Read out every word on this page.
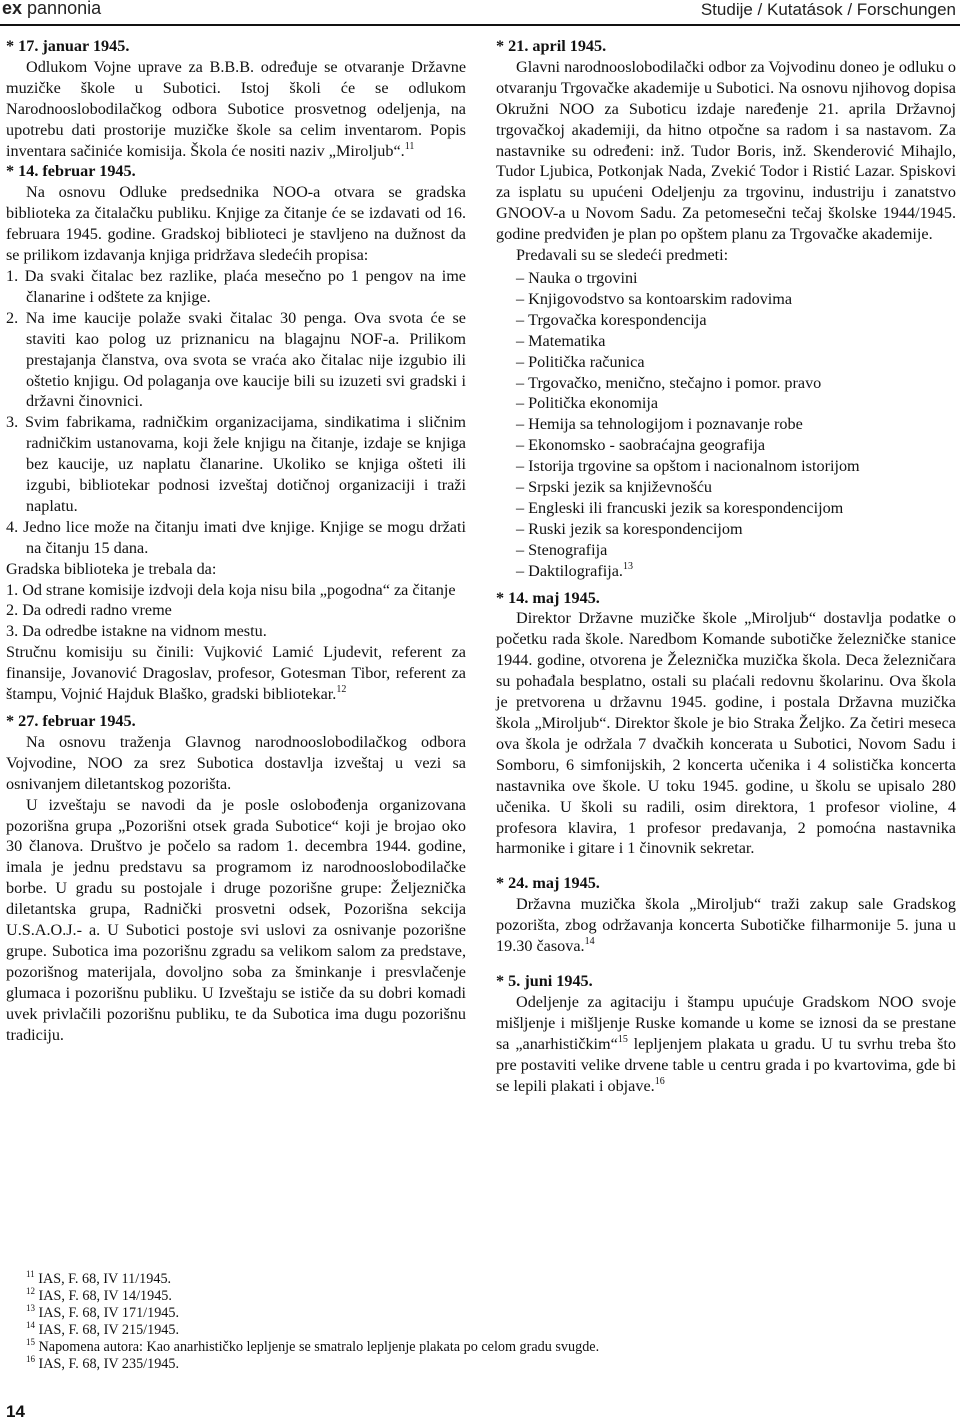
ex pannonia	Studije / Kutatások / Forschungen

* 17. januar 1945.

Odlukom Vojne uprave za B.B.B. određuje se otvaranje Državne muzičke škole u Subotici. Istoj školi će se odlukom Narodnooslobodilačkog odbora Subotice prosvetnog odeljenja, na upotrebu dati prostorije muzičke škole sa celim inventarom. Popis inventara sačiniće komisija. Škola će nositi naziv „Miroljub“.$^{11}$

* 14. februar 1945.

Na osnovu Odluke predsednika NOO-a otvara se gradska biblioteka za čitalačku publiku. Knjige za čitanje će se izdavati od 16. februara 1945. godine. Gradskoj biblioteci je stavljeno na dužnost da se prilikom izdavanja knjiga pridržava sledećih propisa:

1. Da svaki čitalac bez razlike, plaća mesečno po 1 pengov na ime članarine i odštete za knjige.

2. Na ime kaucije polaže svaki čitalac 30 penga. Ova svota će se staviti kao polog uz priznanicu na blagajnu NOF-a. Prilikom prestajanja članstva, ova svota se vraća ako čitalac nije izgubio ili oštetio knjigu. Od polaganja ove kaucije bili su izuzeti svi gradski i državni činovnici.

3. Svim fabrikama, radničkim organizacijama, sindikatima i sličnim radničkim ustanovama, koji žele knjigu na čitanje, izdaje se knjiga bez kaucije, uz naplatu članarine. Ukoliko se knjiga ošteti ili izgubi, bibliotekar podnosi izveštaj dotičnoj organizaciji i traži naplatu.

4. Jedno lice može na čitanju imati dve knjige. Knjige se mogu držati na čitanju 15 dana.

Gradska biblioteka je trebala da:

1. Od strane komisije izdvoji dela koja nisu bila „pogodna“ za čitanje

2. Da odredi radno vreme

3. Da odredbe istakne na vidnom mestu.

Stručnu komisiju su činili: Vujković Lamić Ljudevit, referent za finansije, Jovanović Dragoslav, profesor, Gotesman Tibor, referent za štampu, Vojnić Hajduk Blaško, gradski bibliotekar.$^{12}$

* 27. februar 1945.

Na osnovu traženja Glavnog narodnooslobodilačkog odbora Vojvodine, NOO za srez Subotica dostavlja izveštaj u vezi sa osnivanjem diletantskog pozorišta.

U izveštaju se navodi da je posle oslobođenja organizovana pozorišna grupa „Pozorišni otsek grada Subotice“ koji je brojao oko 30 članova. Društvo je počelo sa radom 1. decembra 1944. godine, imala je jednu predstavu sa programom iz narodnooslobodilačke borbe. U gradu su postojale i druge pozorišne grupe: Željeznička diletantska grupa, Radnički prosvetni odsek, Pozorišna sekcija U.S.A.O.J.- a. U Subotici postoje svi uslovi za osnivanje pozorišne grupe. Subotica ima pozorišnu zgradu sa velikom salom za predstave, pozorišnog materijala, dovoljno soba za šminkanje i presvlačenje glumaca i pozorišnu publiku. U Izveštaju se ističe da su dobri komadi uvek privlačili pozorišnu publiku, te da Subotica ima dugu pozorišnu tradiciju.

* 21. april 1945.

Glavni narodnooslobodilački odbor za Vojvodinu doneo je odluku o otvaranju Trgovačke akademije u Subotici. Na osnovu njihovog dopisa Okružni NOO za Suboticu izdaje naređenje 21. aprila Državnoj trgovačkoj akademiji, da hitno otpočne sa radom i sa nastavom. Za nastavnike su određeni: inž. Tudor Boris, inž. Skenderović Mihajlo, Tudor Ljubica, Potkonjak Nada, Zvekić Todor i Ristić Lazar. Spiskovi za isplatu su upućeni Odeljenju za trgovinu, industriju i zanatstvo GNOOV-a u Novom Sadu. Za petomesečni tečaj školske 1944/1945. godine predviđen je plan po opštem planu za Trgovačke akademije.

Predavali su se sledeći predmeti:

– Nauka o trgovini
– Knjigovodstvo sa kontoarskim radovima
– Trgovačka korespondencija
– Matematika
– Politička računica
– Trgovačko, menično, stečajno i pomor. pravo
– Politička ekonomija
– Hemija sa tehnologijom i poznavanje robe
– Ekonomsko - saobraćajna geografija
– Istorija trgovine sa opštom i nacionalnom istorijom
– Srpski jezik sa književnošću
– Engleski ili francuski jezik sa korespondencijom
– Ruski jezik sa korespondencijom
– Stenografija
– Daktilografija.$^{13}$

* 14. maj 1945.

Direktor Državne muzičke škole „Miroljub“ dostavlja podatke o početku rada škole. Naredbom Komande subotičke železničke stanice 1944. godine, otvorena je Železnička muzička škola. Deca železničara su pohađala besplatno, ostali su plaćali redovnu školarinu. Ova škola je pretvorena u državnu 1945. godine, i postala Državna muzička škola „Miroljub“. Direktor škole je bio Straka Željko. Za četiri meseca ova škola je održala 7 dvačkih koncerata u Subotici, Novom Sadu i Somboru, 6 simfonijskih, 2 koncerta učenika i 4 solistička koncerta nastavnika ove škole. U toku 1945. godine, u školu se upisalo 280 učenika. U školi su radili, osim direktora, 1 profesor violine, 4 profesora klavira, 1 profesor predavanja, 2 pomoćna nastavnika harmonike i gitare i 1 činovnik sekretar.

* 24. maj 1945.

Državna muzička škola „Miroljub“ traži zakup sale Gradskog pozorišta, zbog održavanja koncerta Subotičke filharmonije 5. juna u 19.30 časova.$^{14}$

* 5. juni 1945.

Odeljenje za agitaciju i štampu upućuje Gradskom NOO svoje mišljenje i mišljenje Ruske komande u kome se iznosi da se prestane sa „anarhističkim“$^{15}$ lepljenjem plakata u gradu. U tu svrhu treba što pre postaviti velike drvene table u centru grada i po kvartovima, gde bi se lepili plakati i objave.$^{16}$

$^{11}$ IAS, F. 68, IV 11/1945.

$^{12}$ IAS, F. 68, IV 14/1945.

$^{13}$ IAS, F. 68, IV 171/1945.

$^{14}$ IAS, F. 68, IV 215/1945.

$^{15}$ Napomena autora: Kao anarhističko lepljenje se smatralo lepljenje plakata po celom gradu svugde.

$^{16}$ IAS, F. 68, IV 235/1945.

14
